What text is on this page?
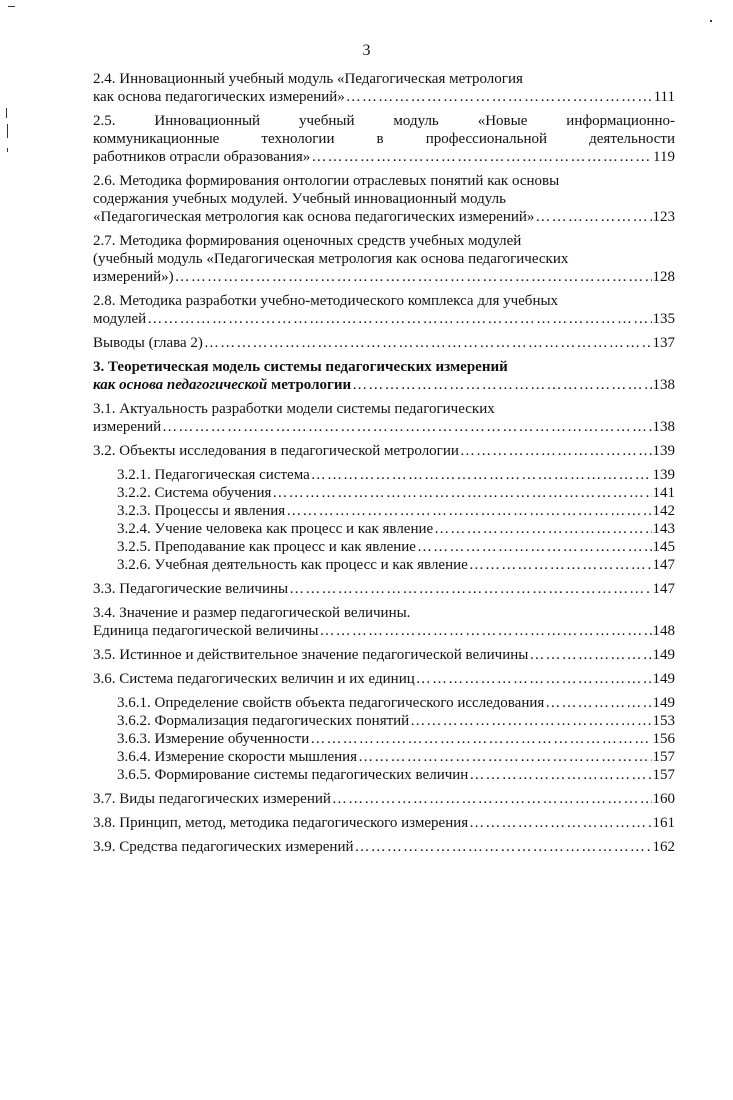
3
2.4. Инновационный учебный модуль «Педагогическая метрология
как основа педагогических измерений» ………………………………………………………………………………………………………………………………………………………………	111
2.5. Инновационный учебный модуль «Новые информационно-
коммуникационные технологии в профессиональной деятельности
работников отрасли образования» ………………………………………………………………………………………………………………………………………………………………	119
2.6. Методика формирования онтологии отраслевых понятий как основы
содержания учебных модулей. Учебный инновационный модуль
«Педагогическая метрология как основа педагогических измерений» ………………………………………………………………………………………………………………………………………………………………	123
2.7. Методика формирования оценочных средств учебных модулей
(учебный модуль «Педагогическая метрология как основа педагогических
измерений») ………………………………………………………………………………………………………………………………………………………………	128
2.8. Методика разработки учебно-методического комплекса для учебных
модулей ………………………………………………………………………………………………………………………………………………………………	135
Выводы (глава 2) ………………………………………………………………………………………………………………………………………………………………	137
3. Теоретическая модель системы педагогических измерений
как основа педагогической метрологии ………………………………………………………………………………………………………………………………………………………………	138
3.1. Актуальность разработки модели системы педагогических
измерений ………………………………………………………………………………………………………………………………………………………………	138
3.2. Объекты исследования в педагогической метрологии ………………………………………………………………………………………………………………………………………………………………	139
3.2.1. Педагогическая система ………………………………………………………………………………………………………………………………………………………………	139
3.2.2. Система обучения ………………………………………………………………………………………………………………………………………………………………	141
3.2.3. Процессы и явления ………………………………………………………………………………………………………………………………………………………………	142
3.2.4. Учение человека как процесс и как явление ………………………………………………………………………………………………………………………………………………………………	143
3.2.5. Преподавание как процесс и как явление ………………………………………………………………………………………………………………………………………………………………	145
3.2.6. Учебная деятельность как процесс и как явление ………………………………………………………………………………………………………………………………………………………………	147
3.3. Педагогические величины ………………………………………………………………………………………………………………………………………………………………	147
3.4. Значение и размер педагогической величины.
Единица педагогической величины ………………………………………………………………………………………………………………………………………………………………	148
3.5. Истинное и действительное значение педагогической величины ………………………………………………………………………………………………………………………………………………………………	149
3.6. Система педагогических величин и их единиц ………………………………………………………………………………………………………………………………………………………………	149
3.6.1. Определение свойств объекта педагогического исследования ………………………………………………………………………………………………………………………………………………………………	149
3.6.2. Формализация педагогических понятий ………………………………………………………………………………………………………………………………………………………………	153
3.6.3. Измерение обученности ………………………………………………………………………………………………………………………………………………………………	156
3.6.4. Измерение скорости мышления ………………………………………………………………………………………………………………………………………………………………	157
3.6.5. Формирование системы педагогических величин ………………………………………………………………………………………………………………………………………………………………	157
3.7. Виды педагогических измерений ………………………………………………………………………………………………………………………………………………………………	160
3.8. Принцип, метод, методика педагогического измерения ………………………………………………………………………………………………………………………………………………………………	161
3.9. Средства педагогических измерений ………………………………………………………………………………………………………………………………………………………………	162
